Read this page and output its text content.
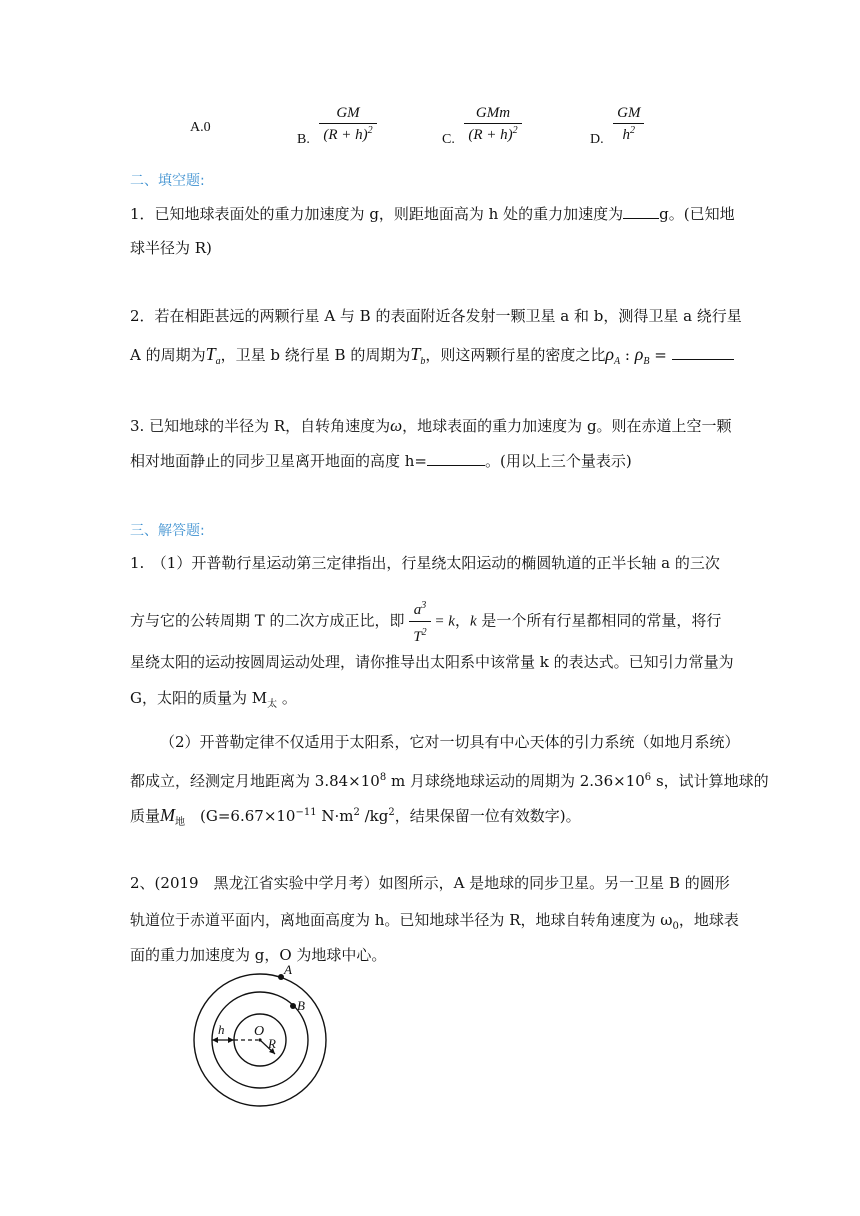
A.0
B. $\frac{GM}{(R + h)^2}$	C. $\frac{\text{GMm}}{(R + h)^2}$	D. $\frac{GM}{h^2}$
二、填空题:
1．已知地球表面处的重力加速度为 g，则距地面高为 h 处的重力加速度为 g。(已知地
球半径为 R)
2．若在相距甚远的两颗行星 A 与 B 的表面附近各发射一颗卫星 a 和 b，测得卫星 a 绕行星
A 的周期为$T_a$，卫星 b 绕行星 B 的周期为$T_b$，则这两颗行星的密度之比$\rho_A$ : $\rho_B$ =
3. 已知地球的半径为 R，自转角速度为ω，地球表面的重力加速度为 g。则在赤道上空一颗
相对地面静止的同步卫星离开地面的高度 h=	。(用以上三个量表示)
三、解答题:
1.　（1）开普勒行星运动第三定律指出，行星绕太阳运动的椭圆轨道的正半长轴 a 的三次
方与它的公转周期 T 的二次方成正比，即 $\frac{a^3}{T^2} = k$，k 是一个所有行星都相同的常量，将行
星绕太阳的运动按圆周运动处理，请你推导出太阳系中该常量 k 的表达式。已知引力常量为
G，太阳的质量为 $M_太$ 。
（2）开普勒定律不仅适用于太阳系，它对一切具有中心天体的引力系统（如地月系统）
都成立，经测定月地距离为 $3.84\times 10^8$ m 月球绕地球运动的周期为 $2.36\times 10^6$ s，试计算地球的
质量$M_地$　($G=6.67\times 10^{-11}$ $N\cdot m^2$ $/kg^2$，结果保留一位有效数字)。
2、(2019　黑龙江省实验中学月考）如图所示，A 是地球的同步卫星。另一卫星 B 的圆形
轨道位于赤道平面内，离地面高度为 h。已知地球半径为 R，地球自转角速度为 $\omega_0$，地球表
面的重力加速度为 g，O 为地球中心。
A
B
O
R
h
